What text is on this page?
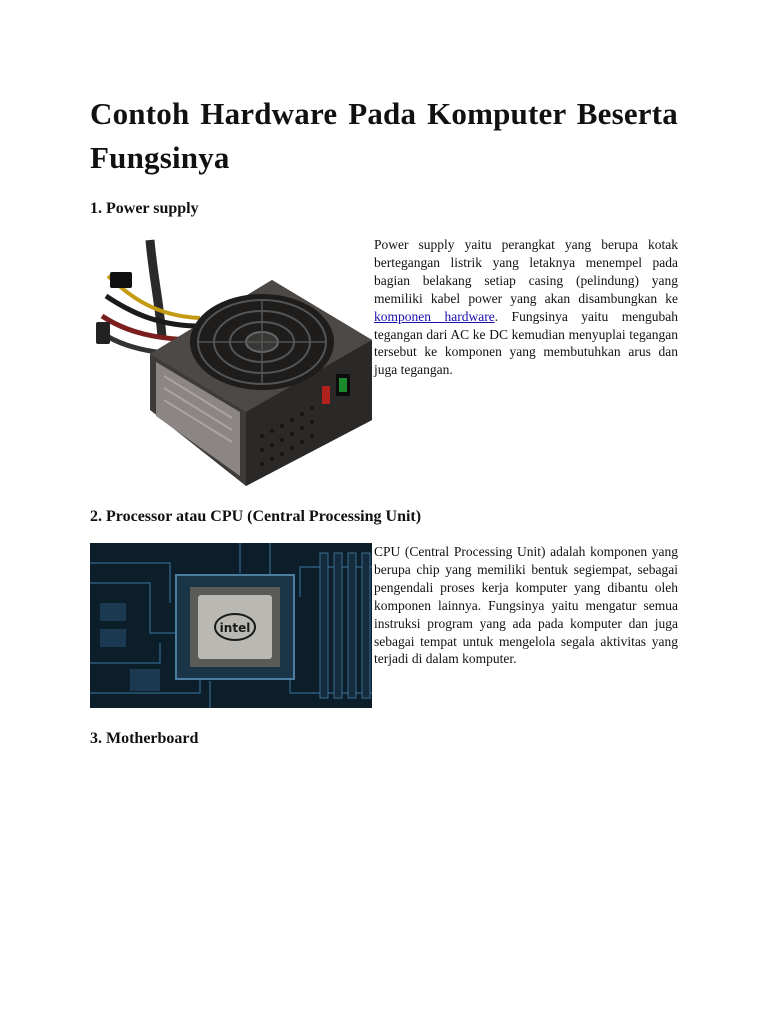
Contoh Hardware Pada Komputer Beserta Fungsinya
1. Power supply

Power supply yaitu perangkat yang berupa kotak bertegangan listrik yang letaknya menempel pada bagian belakang setiap casing (pelindung) yang memiliki kabel power yang akan disambungkan ke komponen hardware. Fungsinya yaitu mengubah tegangan dari AC ke DC kemudian menyuplai tegangan tersebut ke komponen yang membutuhkan arus dan juga tegangan.

2. Processor atau CPU (Central Processing Unit)

intel
CPU (Central Processing Unit) adalah komponen yang berupa chip yang memiliki bentuk segiempat, sebagai pengendali proses kerja komputer yang dibantu oleh komponen lainnya. Fungsinya yaitu mengatur semua instruksi program yang ada pada komputer dan juga sebagai tempat untuk mengelola segala aktivitas yang terjadi di dalam komputer.

3. Motherboard
